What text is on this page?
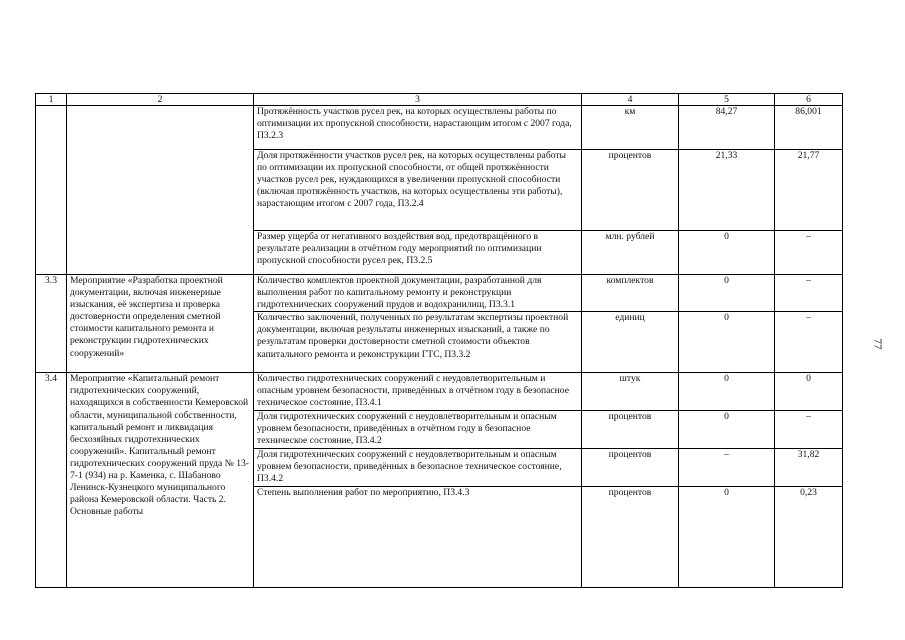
1	2	3	4	5	6
		Протяжённость участков русел рек, на которых осуществлены работы по оптимизации их пропускной способности, нарастающим итогом с 2007 года, П3.2.3	км	84,27	86,001
		Доля протяжённости участков русел рек, на которых осуществлены работы по оптимизации их пропускной способности, от общей протяжённости участков русел рек, нуждающихся в увеличении пропускной способности (включая протяжённость участков, на которых осуществлены эти работы), нарастающим итогом с 2007 года, П3.2.4	процентов	21,33	21,77
		Размер ущерба от негативного воздействия вод, предотвращённого в результате реализации в отчётном году мероприятий по оптимизации пропускной способности русел рек, П3.2.5	млн. рублей	0	–
3.3	Мероприятие «Разработка проектной документации, включая инженерные изыскания, её экспертиза и проверка достоверности определения сметной стоимости капитального ремонта и реконструкции гидротехнических сооружений»	Количество комплектов проектной документации, разработанной для выполнения работ по капитальному ремонту и реконструкции гидротехнических сооружений прудов и водохранилищ, П3.3.1	комплектов	0	–
		Количество заключений, полученных по результатам экспертизы проектной документации, включая результаты инженерных изысканий, а также по результатам проверки достоверности сметной стоимости объектов капитального ремонта и реконструкции ГТС, П3.3.2	единиц	0	–
3.4	Мероприятие «Капитальный ремонт гидротехнических сооружений, находящихся в собственности Кемеровской области, муниципальной собственности, капитальный ремонт и ликвидация бесхозяйных гидротехнических сооружений». Капитальный ремонт гидротехнических сооружений пруда № 13-7-1 (934) на р. Каменка, с. Шабаново Ленинск-Кузнецкого муниципального района Кемеровской области. Часть 2. Основные работы	Количество гидротехнических сооружений с неудовлетворительным и опасным уровнем безопасности, приведённых в отчётном году в безопасное техническое состояние, П3.4.1	штук	0	0
		Доля гидротехнических сооружений с неудовлетворительным и опасным уровнем безопасности, приведённых в отчётном году в безопасное техническое состояние, П3.4.2	процентов	0	–
		Доля гидротехнических сооружений с неудовлетворительным и опасным уровнем безопасности, приведённых в безопасное техническое состояние, П3.4.2	процентов	–	31,82
		Степень выполнения работ по мероприятию, П3.4.3	процентов	0	0,23
77
